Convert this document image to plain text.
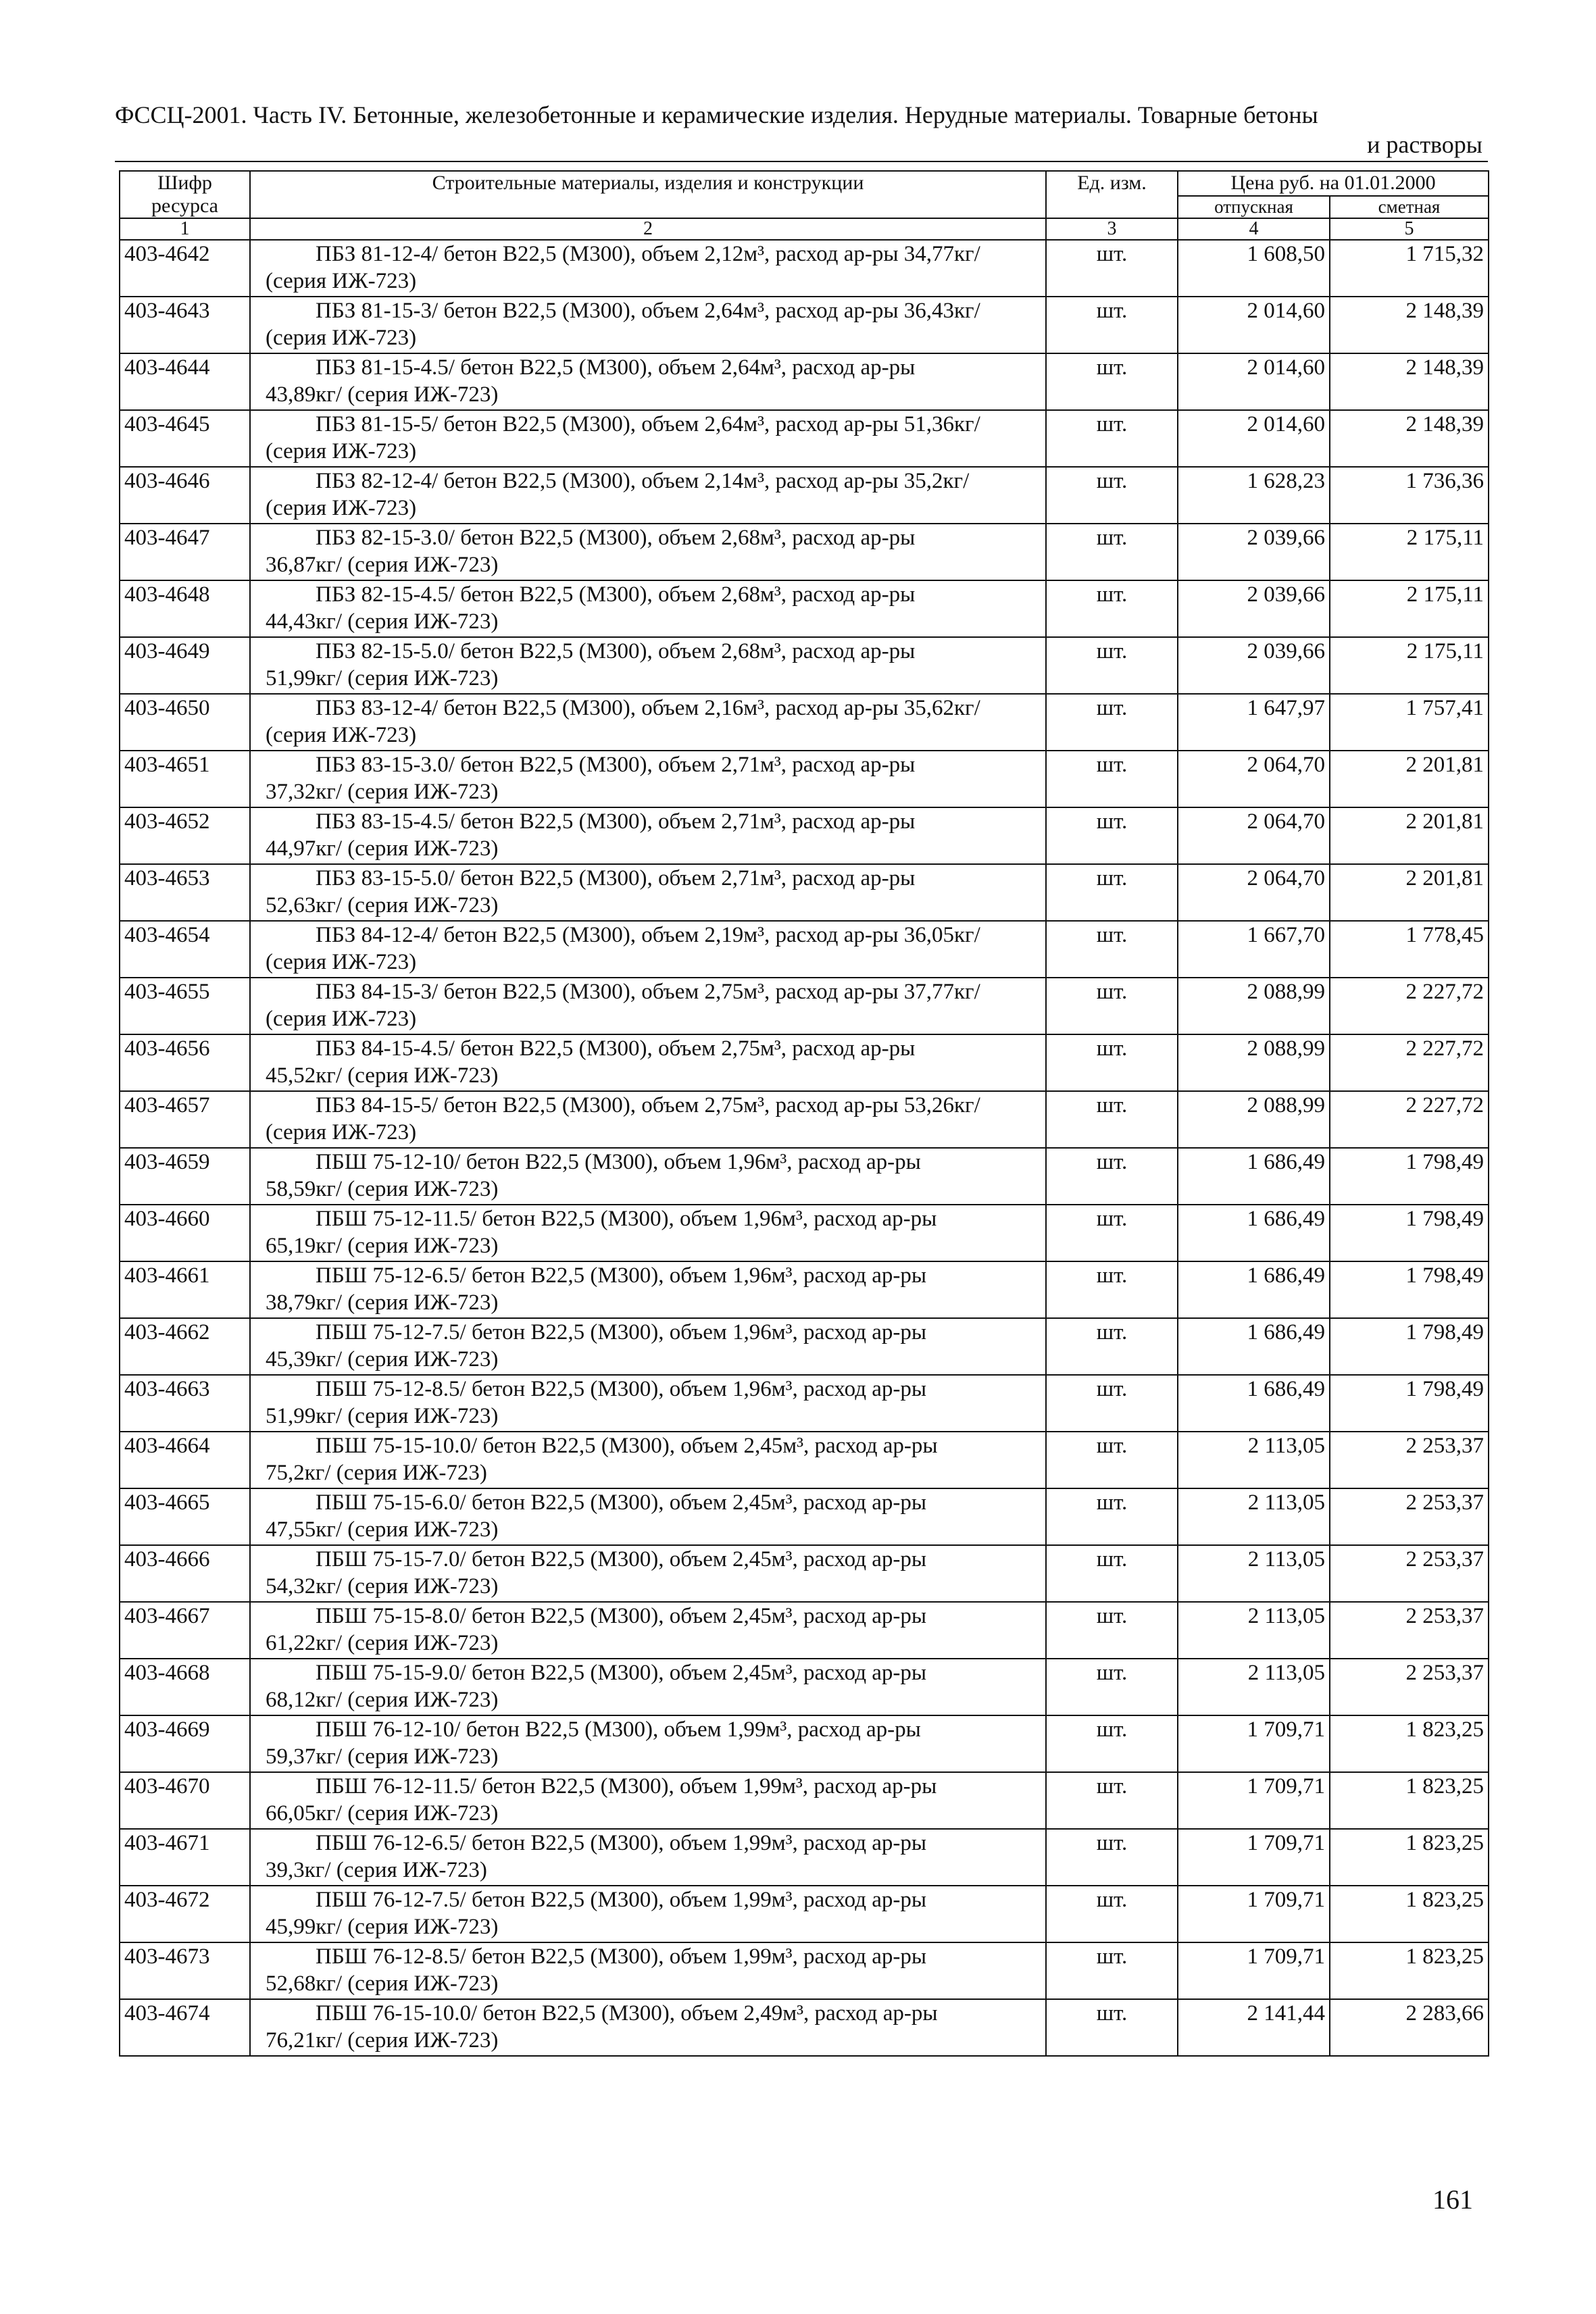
ФССЦ-2001. Часть IV. Бетонные, железобетонные и керамические изделия. Нерудные материалы. Товарные бетоны
и растворы
Шифр ресурса	Строительные материалы, изделия и конструкции	Ед. изм.	Цена руб. на 01.01.2000	
			отпускная	сметная
1	2	3	4	5
403-4642	ПБЗ 81-12-4/ бетон В22,5 (М300), объем 2,12м³, расход ар-ры 34,77кг/
(серия ИЖ-723)	шт.	1 608,50	1 715,32
403-4643	ПБЗ 81-15-3/ бетон В22,5 (М300), объем 2,64м³, расход ар-ры 36,43кг/
(серия ИЖ-723)	шт.	2 014,60	2 148,39
403-4644	ПБЗ 81-15-4.5/ бетон В22,5 (М300), объем 2,64м³, расход ар-ры
43,89кг/ (серия ИЖ-723)	шт.	2 014,60	2 148,39
403-4645	ПБЗ 81-15-5/ бетон В22,5 (М300), объем 2,64м³, расход ар-ры 51,36кг/
(серия ИЖ-723)	шт.	2 014,60	2 148,39
403-4646	ПБЗ 82-12-4/ бетон В22,5 (М300), объем 2,14м³, расход ар-ры 35,2кг/
(серия ИЖ-723)	шт.	1 628,23	1 736,36
403-4647	ПБЗ 82-15-3.0/ бетон В22,5 (М300), объем 2,68м³, расход ар-ры
36,87кг/ (серия ИЖ-723)	шт.	2 039,66	2 175,11
403-4648	ПБЗ 82-15-4.5/ бетон В22,5 (М300), объем 2,68м³, расход ар-ры
44,43кг/ (серия ИЖ-723)	шт.	2 039,66	2 175,11
403-4649	ПБЗ 82-15-5.0/ бетон В22,5 (М300), объем 2,68м³, расход ар-ры
51,99кг/ (серия ИЖ-723)	шт.	2 039,66	2 175,11
403-4650	ПБЗ 83-12-4/ бетон В22,5 (М300), объем 2,16м³, расход ар-ры 35,62кг/
(серия ИЖ-723)	шт.	1 647,97	1 757,41
403-4651	ПБЗ 83-15-3.0/ бетон В22,5 (М300), объем 2,71м³, расход ар-ры
37,32кг/ (серия ИЖ-723)	шт.	2 064,70	2 201,81
403-4652	ПБЗ 83-15-4.5/ бетон В22,5 (М300), объем 2,71м³, расход ар-ры
44,97кг/ (серия ИЖ-723)	шт.	2 064,70	2 201,81
403-4653	ПБЗ 83-15-5.0/ бетон В22,5 (М300), объем 2,71м³, расход ар-ры
52,63кг/ (серия ИЖ-723)	шт.	2 064,70	2 201,81
403-4654	ПБЗ 84-12-4/ бетон В22,5 (М300), объем 2,19м³, расход ар-ры 36,05кг/
(серия ИЖ-723)	шт.	1 667,70	1 778,45
403-4655	ПБЗ 84-15-3/ бетон В22,5 (М300), объем 2,75м³, расход ар-ры 37,77кг/
(серия ИЖ-723)	шт.	2 088,99	2 227,72
403-4656	ПБЗ 84-15-4.5/ бетон В22,5 (М300), объем 2,75м³, расход ар-ры
45,52кг/ (серия ИЖ-723)	шт.	2 088,99	2 227,72
403-4657	ПБЗ 84-15-5/ бетон В22,5 (М300), объем 2,75м³, расход ар-ры 53,26кг/
(серия ИЖ-723)	шт.	2 088,99	2 227,72
403-4659	ПБШ 75-12-10/ бетон В22,5 (М300), объем 1,96м³, расход ар-ры
58,59кг/ (серия ИЖ-723)	шт.	1 686,49	1 798,49
403-4660	ПБШ 75-12-11.5/ бетон В22,5 (М300), объем 1,96м³, расход ар-ры
65,19кг/ (серия ИЖ-723)	шт.	1 686,49	1 798,49
403-4661	ПБШ 75-12-6.5/ бетон В22,5 (М300), объем 1,96м³, расход ар-ры
38,79кг/ (серия ИЖ-723)	шт.	1 686,49	1 798,49
403-4662	ПБШ 75-12-7.5/ бетон В22,5 (М300), объем 1,96м³, расход ар-ры
45,39кг/ (серия ИЖ-723)	шт.	1 686,49	1 798,49
403-4663	ПБШ 75-12-8.5/ бетон В22,5 (М300), объем 1,96м³, расход ар-ры
51,99кг/ (серия ИЖ-723)	шт.	1 686,49	1 798,49
403-4664	ПБШ 75-15-10.0/ бетон В22,5 (М300), объем 2,45м³, расход ар-ры
75,2кг/ (серия ИЖ-723)	шт.	2 113,05	2 253,37
403-4665	ПБШ 75-15-6.0/ бетон В22,5 (М300), объем 2,45м³, расход ар-ры
47,55кг/ (серия ИЖ-723)	шт.	2 113,05	2 253,37
403-4666	ПБШ 75-15-7.0/ бетон В22,5 (М300), объем 2,45м³, расход ар-ры
54,32кг/ (серия ИЖ-723)	шт.	2 113,05	2 253,37
403-4667	ПБШ 75-15-8.0/ бетон В22,5 (М300), объем 2,45м³, расход ар-ры
61,22кг/ (серия ИЖ-723)	шт.	2 113,05	2 253,37
403-4668	ПБШ 75-15-9.0/ бетон В22,5 (М300), объем 2,45м³, расход ар-ры
68,12кг/ (серия ИЖ-723)	шт.	2 113,05	2 253,37
403-4669	ПБШ 76-12-10/ бетон В22,5 (М300), объем 1,99м³, расход ар-ры
59,37кг/ (серия ИЖ-723)	шт.	1 709,71	1 823,25
403-4670	ПБШ 76-12-11.5/ бетон В22,5 (М300), объем 1,99м³, расход ар-ры
66,05кг/ (серия ИЖ-723)	шт.	1 709,71	1 823,25
403-4671	ПБШ 76-12-6.5/ бетон В22,5 (М300), объем 1,99м³, расход ар-ры
39,3кг/ (серия ИЖ-723)	шт.	1 709,71	1 823,25
403-4672	ПБШ 76-12-7.5/ бетон В22,5 (М300), объем 1,99м³, расход ар-ры
45,99кг/ (серия ИЖ-723)	шт.	1 709,71	1 823,25
403-4673	ПБШ 76-12-8.5/ бетон В22,5 (М300), объем 1,99м³, расход ар-ры
52,68кг/ (серия ИЖ-723)	шт.	1 709,71	1 823,25
403-4674	ПБШ 76-15-10.0/ бетон В22,5 (М300), объем 2,49м³, расход ар-ры
76,21кг/ (серия ИЖ-723)	шт.	2 141,44	2 283,66
161
